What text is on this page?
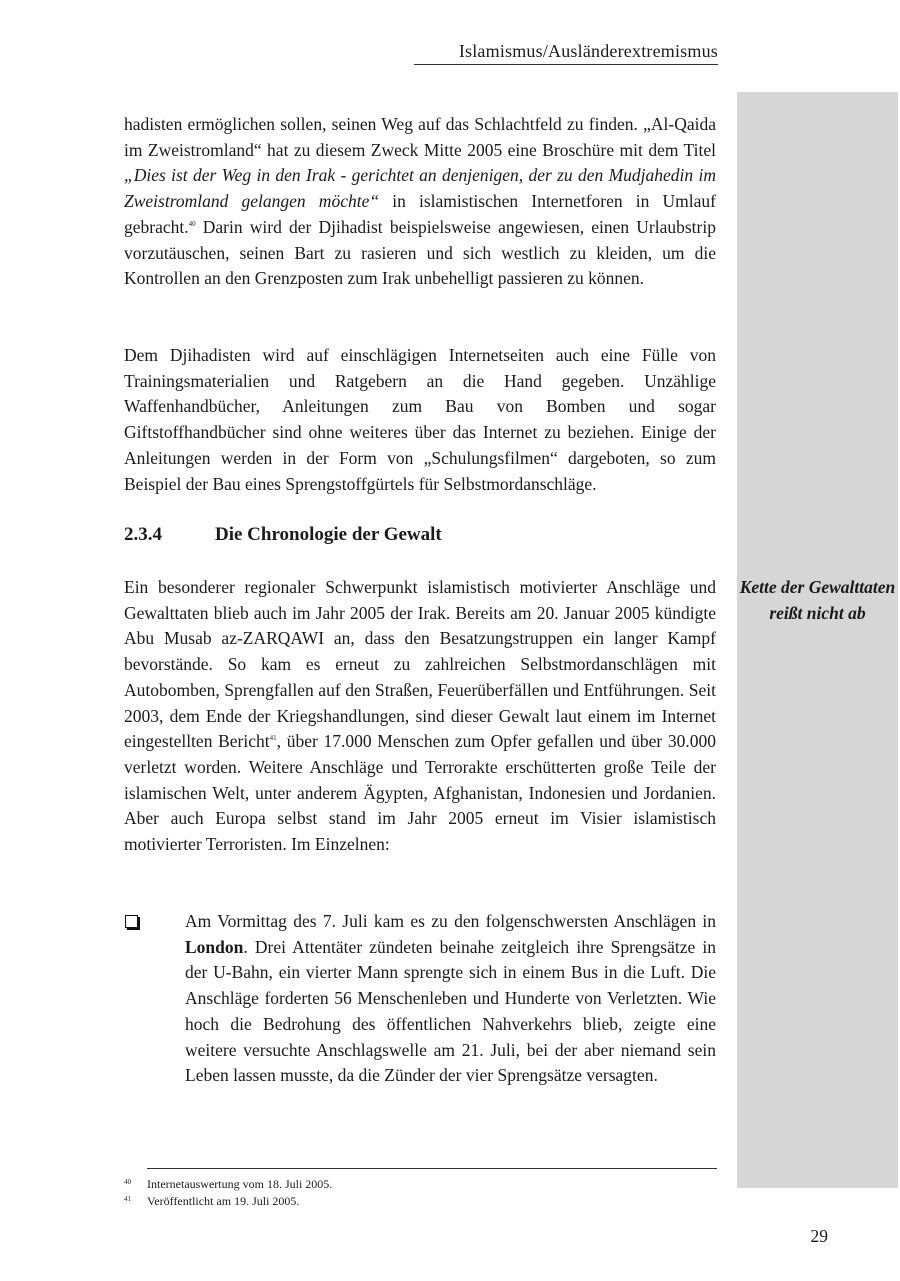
Islamismus/Ausländerextremismus
Kette der Gewalttaten reißt nicht ab
hadisten ermöglichen sollen, seinen Weg auf das Schlachtfeld zu finden. „Al-Qaida im Zweistromland“ hat zu diesem Zweck Mitte 2005 eine Broschüre mit dem Titel „Dies ist der Weg in den Irak - gerichtet an denjenigen, der zu den Mudjahedin im Zweistromland gelangen möchte“ in islamistischen Internetforen in Umlauf gebracht.$^{40}$ Darin wird der Djihadist beispielsweise angewiesen, einen Urlaubstrip vorzutäuschen, seinen Bart zu rasieren und sich westlich zu kleiden, um die Kontrollen an den Grenzposten zum Irak unbehelligt passieren zu können.
Dem Djihadisten wird auf einschlägigen Internetseiten auch eine Fülle von Trainingsmaterialien und Ratgebern an die Hand gegeben. Unzählige Waffenhandbücher, Anleitungen zum Bau von Bomben und sogar Giftstoffhandbücher sind ohne weiteres über das Internet zu beziehen. Einige der Anleitungen werden in der Form von „Schulungsfilmen“ dargeboten, so zum Beispiel der Bau eines Sprengstoffgürtels für Selbstmordanschläge.
2.3.4	Die Chronologie der Gewalt
Ein besonderer regionaler Schwerpunkt islamistisch motivierter Anschläge und Gewalttaten blieb auch im Jahr 2005 der Irak. Bereits am 20. Januar 2005 kündigte Abu Musab az-ZARQAWI an, dass den Besatzungstruppen ein langer Kampf bevorstände. So kam es erneut zu zahlreichen Selbstmordanschlägen mit Autobomben, Sprengfallen auf den Straßen, Feuerüberfällen und Entführungen. Seit 2003, dem Ende der Kriegshandlungen, sind dieser Gewalt laut einem im Internet eingestellten Bericht$^{41}$, über 17.000 Menschen zum Opfer gefallen und über 30.000 verletzt worden. Weitere Anschläge und Terrorakte erschütterten große Teile der islamischen Welt, unter anderem Ägypten, Afghanistan, Indonesien und Jordanien. Aber auch Europa selbst stand im Jahr 2005 erneut im Visier islamistisch motivierter Terroristen. Im Einzelnen:
Am Vormittag des 7. Juli kam es zu den folgenschwersten Anschlägen in London. Drei Attentäter zündeten beinahe zeitgleich ihre Sprengsätze in der U-Bahn, ein vierter Mann sprengte sich in einem Bus in die Luft. Die Anschläge forderten 56 Menschenleben und Hunderte von Verletzten. Wie hoch die Bedrohung des öffentlichen Nahverkehrs blieb, zeigte eine weitere versuchte Anschlagswelle am 21. Juli, bei der aber niemand sein Leben lassen musste, da die Zünder der vier Sprengsätze versagten.
40 Internetauswertung vom 18. Juli 2005.
41 Veröffentlicht am 19. Juli 2005.
29
